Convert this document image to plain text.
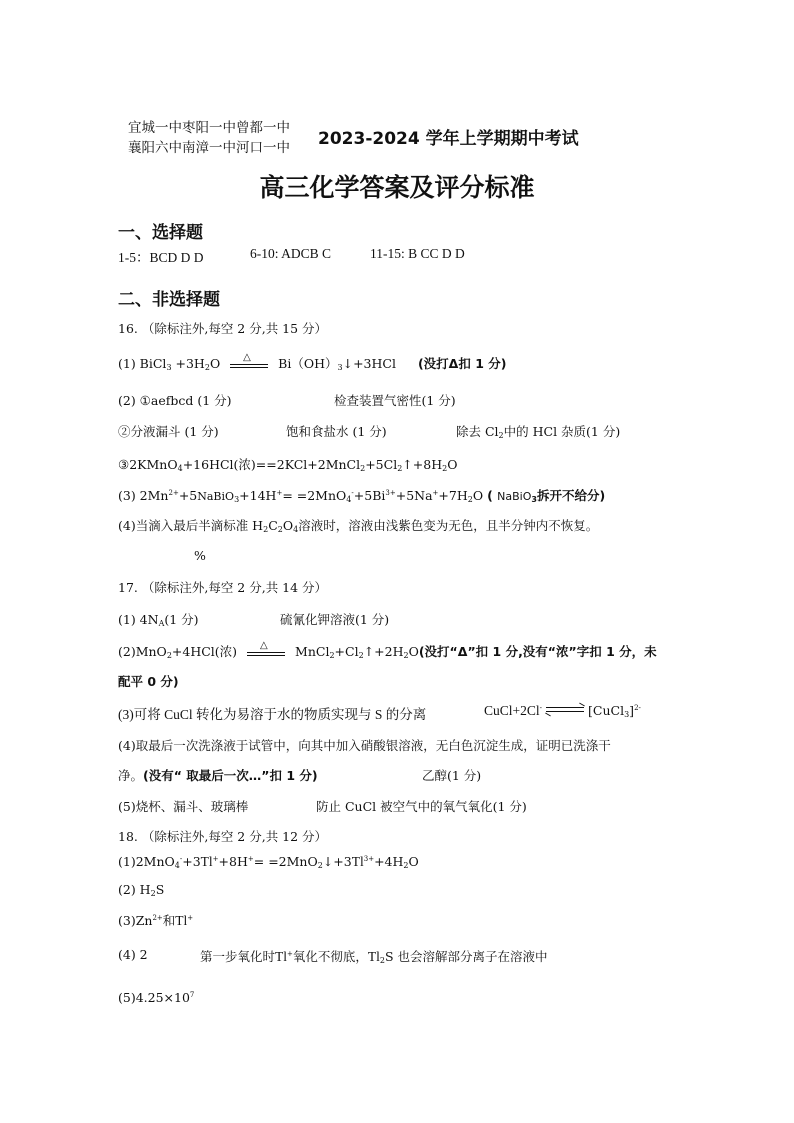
宜城一中枣阳一中曾都一中
襄阳六中南漳一中河口一中 2023-2024 学年上学期期中考试
高三化学答案及评分标准
一、选择题
1-5：BCD D D	6-10: ADCB C	11-15: B CC D D
二、非选择题
16. （除标注外,每空 2 分,共 15 分）
(1) BiCl$_3$ $+3H_2O$ △ $Bi(OH)_3↓+3HCl$ (没打Δ扣 1 分)
(2) ①aefbcd (1 分)	检查装置气密性(1 分)
②分液漏斗 (1 分)	饱和食盐水 (1 分)	除去 $Cl_2$中的 HCl 杂质(1 分)
③2KMnO$_4$+16HCl(浓)$==2KCl+2MnCl_2+5Cl_2↑+8H_2O$
(3) $2Mn^{2+}+5NaBiO_3+14H^+= =2MnO_4^-+5Bi^{3+}+5Na^++7H_2O$ ( NaBiO$_3$拆开不给分)
(4)当滴入最后半滴标准 $H_2C_2O_4$溶液时，溶液由浅紫色变为无色，且半分钟内不恢复。
%
17. （除标注外,每空 2 分,共 14 分）
(1) $4N_A(1$ 分)	硫氰化钾溶液(1 分)
(2)MnO$_2$+4HCl(浓) △ $MnCl_2+Cl_2↑+2H_2O$(没打“Δ”扣 1 分,没有“浓”字扣 1 分，未
配平 0 分)
(3)可将 CuCl 转化为易溶于水的物质实现与 S 的分离	CuCl+2Cl- ⇌ [CuCl$_3$]$^{2-}$
(4)取最后一次洗涤液于试管中，向其中加入硝酸银溶液，无白色沉淀生成，证明已洗涤干
净。(没有“ 取最后一次…”扣 1 分)	乙醇(1 分)
(5)烧杯、漏斗、玻璃棒	防止 CuCl 被空气中的氧气氧化(1 分)
18. （除标注外,每空 2 分,共 12 分）
$(1)2MnO_4^-+3Tl^++8H^+= =2MnO_2↓+3Tl^{3+}+4H_2O$
(2) $H_2S$
$(3)Zn^{2+}$和Tl+
(4) 2	第一步氧化时Tl+氧化不彻底，$Tl_2S$ 也会溶解部分离子在溶液中
$(5)4.25\times 10^7$
